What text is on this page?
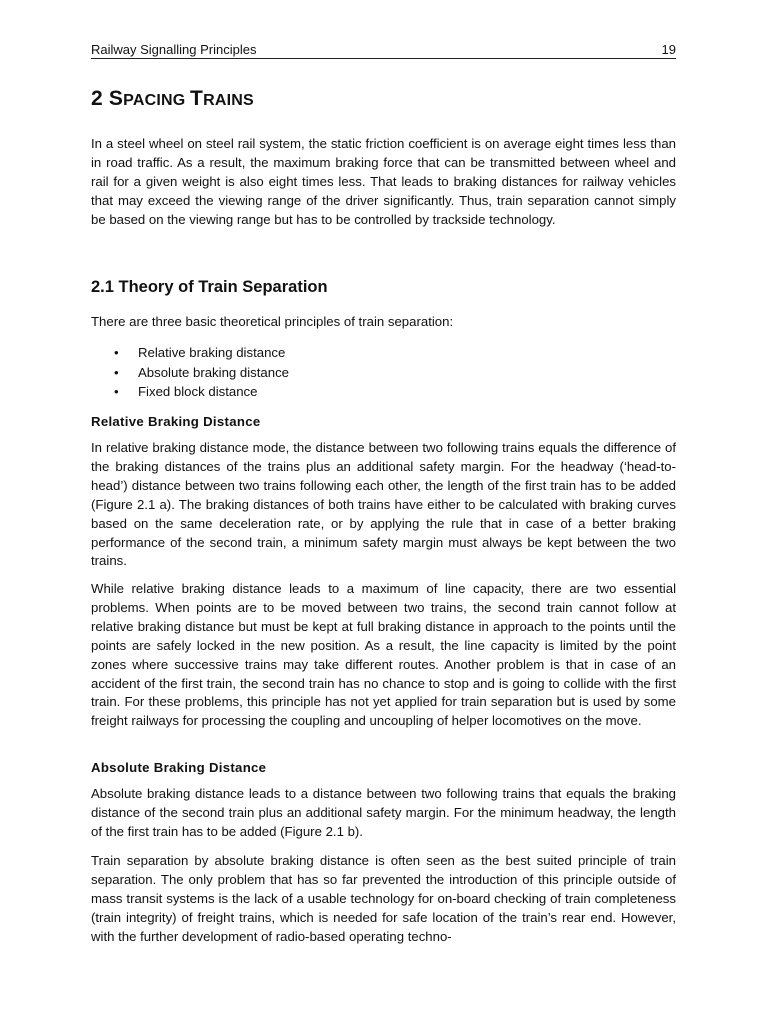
Railway Signalling Principles	19
2 SPACING TRAINS

In a steel wheel on steel rail system, the static friction coefficient is on average eight times less than in road traffic. As a result, the maximum braking force that can be transmitted between wheel and rail for a given weight is also eight times less. That leads to braking distances for railway vehicles that may exceed the viewing range of the driver significantly. Thus, train separation cannot simply be based on the viewing range but has to be controlled by trackside technology.

2.1 Theory of Train Separation

There are three basic theoretical principles of train separation:

• Relative braking distance
• Absolute braking distance
• Fixed block distance
Relative Braking Distance

In relative braking distance mode, the distance between two following trains equals the difference of the braking distances of the trains plus an additional safety margin. For the headway (‘head-to-head’) distance between two trains following each other, the length of the first train has to be added (Figure 2.1 a). The braking distances of both trains have either to be calculated with braking curves based on the same deceleration rate, or by applying the rule that in case of a better braking performance of the second train, a minimum safety margin must always be kept between the two trains.

While relative braking distance leads to a maximum of line capacity, there are two essential problems. When points are to be moved between two trains, the second train cannot follow at relative braking distance but must be kept at full braking distance in approach to the points until the points are safely locked in the new position. As a result, the line capacity is limited by the point zones where successive trains may take different routes. Another problem is that in case of an accident of the first train, the second train has no chance to stop and is going to collide with the first train. For these problems, this principle has not yet applied for train separation but is used by some freight railways for processing the coupling and uncoupling of helper locomotives on the move.

Absolute Braking Distance

Absolute braking distance leads to a distance between two following trains that equals the braking distance of the second train plus an additional safety margin. For the minimum headway, the length of the first train has to be added (Figure 2.1 b).

Train separation by absolute braking distance is often seen as the best suited principle of train separation. The only problem that has so far prevented the introduction of this principle outside of mass transit systems is the lack of a usable technology for on-board checking of train completeness (train integrity) of freight trains, which is needed for safe location of the train’s rear end. However, with the further development of radio-based operating techno-
